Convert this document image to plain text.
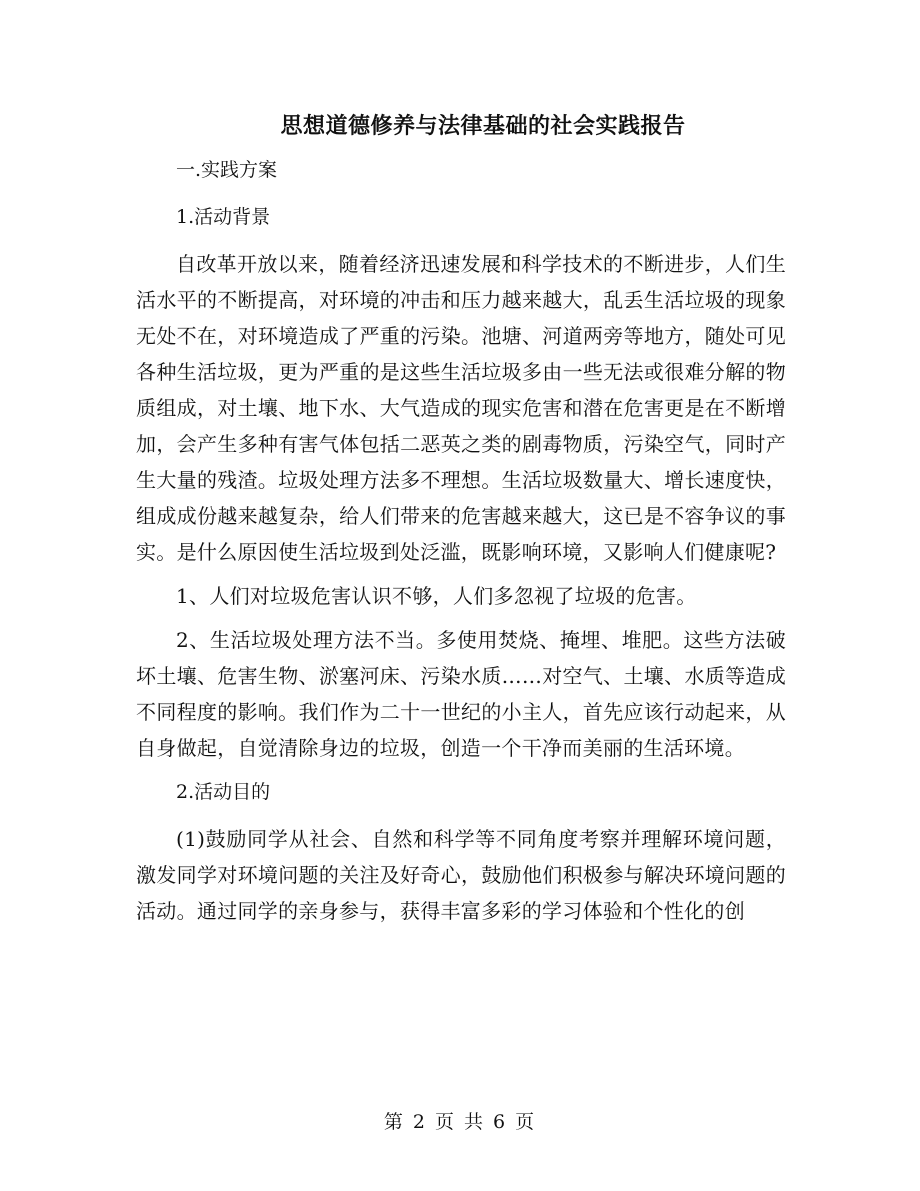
思想道德修养与法律基础的社会实践报告

一.实践方案

1.活动背景

自改革开放以来，随着经济迅速发展和科学技术的不断进步，人们生活水平的不断提高，对环境的冲击和压力越来越大，乱丢生活垃圾的现象无处不在，对环境造成了严重的污染。池塘、河道两旁等地方，随处可见各种生活垃圾，更为严重的是这些生活垃圾多由一些无法或很难分解的物质组成，对土壤、地下水、大气造成的现实危害和潜在危害更是在不断增加，会产生多种有害气体包括二恶英之类的剧毒物质，污染空气，同时产生大量的残渣。垃圾处理方法多不理想。生活垃圾数量大、增长速度快，组成成份越来越复杂，给人们带来的危害越来越大，这已是不容争议的事实。是什么原因使生活垃圾到处泛滥，既影响环境，又影响人们健康呢?

1、人们对垃圾危害认识不够，人们多忽视了垃圾的危害。

2、生活垃圾处理方法不当。多使用焚烧、掩埋、堆肥。这些方法破坏土壤、危害生物、淤塞河床、污染水质……对空气、土壤、水质等造成不同程度的影响。我们作为二十一世纪的小主人，首先应该行动起来，从自身做起，自觉清除身边的垃圾，创造一个干净而美丽的生活环境。

2.活动目的

(1)鼓励同学从社会、自然和科学等不同角度考察并理解环境问题，激发同学对环境问题的关注及好奇心，鼓励他们积极参与解决环境问题的活动。通过同学的亲身参与，获得丰富多彩的学习体验和个性化的创

第 2 页 共 6 页
